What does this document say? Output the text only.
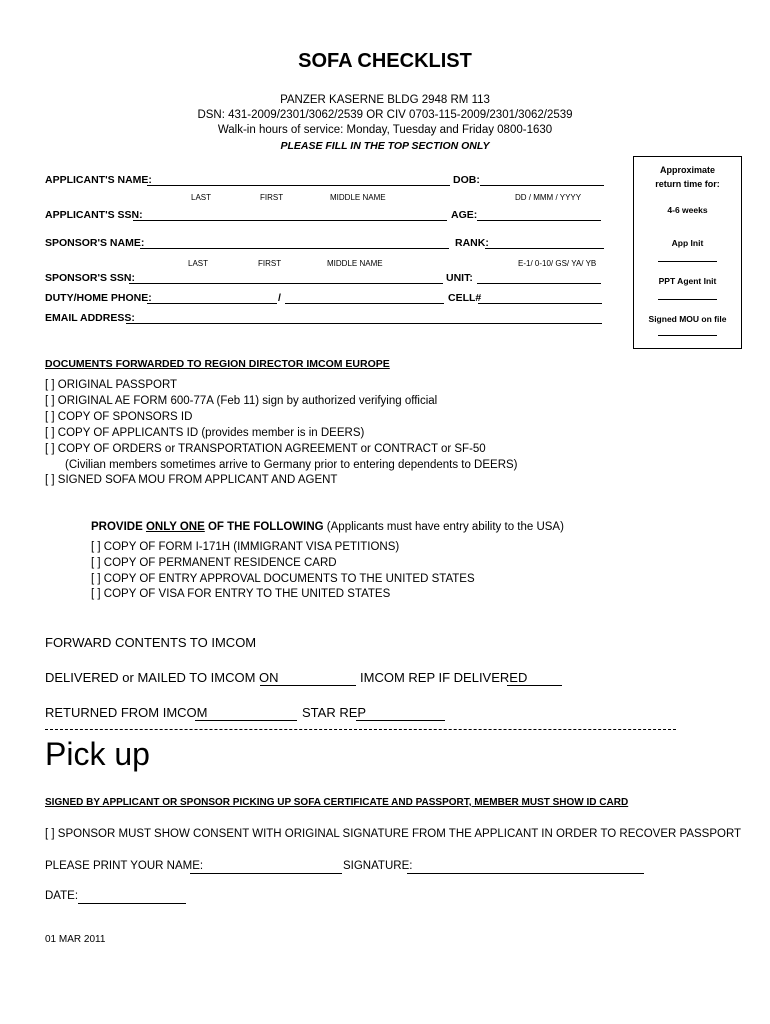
SOFA CHECKLIST
PANZER KASERNE BLDG 2948 RM 113
DSN: 431-2009/2301/3062/2539 OR CIV 0703-115-2009/2301/3062/2539
Walk-in hours of service: Monday, Tuesday and Friday 0800-1630
PLEASE FILL IN THE TOP SECTION ONLY
APPLICANT'S NAME:	DOB:
LAST	FIRST	MIDDLE NAME	DD / MMM / YYYY
APPLICANT'S SSN:	AGE:
SPONSOR'S NAME:	RANK:
LAST	FIRST	MIDDLE NAME	E-1/ 0-10/ GS/ YA/ YB
SPONSOR'S SSN:	UNIT:
DUTY/HOME PHONE:	/	CELL#
EMAIL ADDRESS:
Approximate
return time for:
4-6 weeks
App Init
PPT Agent Init
Signed MOU on file
DOCUMENTS FORWARDED TO REGION DIRECTOR IMCOM EUROPE
[ ] ORIGINAL PASSPORT
[ ] ORIGINAL AE FORM 600-77A (Feb 11) sign by authorized verifying official
[ ] COPY OF SPONSORS ID
[ ] COPY OF APPLICANTS ID (provides member is in DEERS)
[ ] COPY OF ORDERS or TRANSPORTATION AGREEMENT or CONTRACT or SF-50
(Civilian members sometimes arrive to Germany prior to entering dependents to DEERS)
[ ] SIGNED SOFA MOU FROM APPLICANT AND AGENT
PROVIDE ONLY ONE OF THE FOLLOWING (Applicants must have entry ability to the USA)
[ ] COPY OF FORM I-171H (IMMIGRANT VISA PETITIONS)
[ ] COPY OF PERMANENT RESIDENCE CARD
[ ] COPY OF ENTRY APPROVAL DOCUMENTS TO THE UNITED STATES
[ ] COPY OF VISA FOR ENTRY TO THE UNITED STATES
FORWARD CONTENTS TO IMCOM
DELIVERED or MAILED TO IMCOM ON	IMCOM REP IF DELIVERED
RETURNED FROM IMCOM	STAR REP
Pick up
SIGNED BY APPLICANT OR SPONSOR PICKING UP SOFA CERTIFICATE AND PASSPORT, MEMBER MUST SHOW ID CARD
[ ] SPONSOR MUST SHOW CONSENT WITH ORIGINAL SIGNATURE FROM THE APPLICANT IN ORDER TO RECOVER PASSPORT
PLEASE PRINT YOUR NAME:	SIGNATURE:
DATE:
01 MAR 2011
